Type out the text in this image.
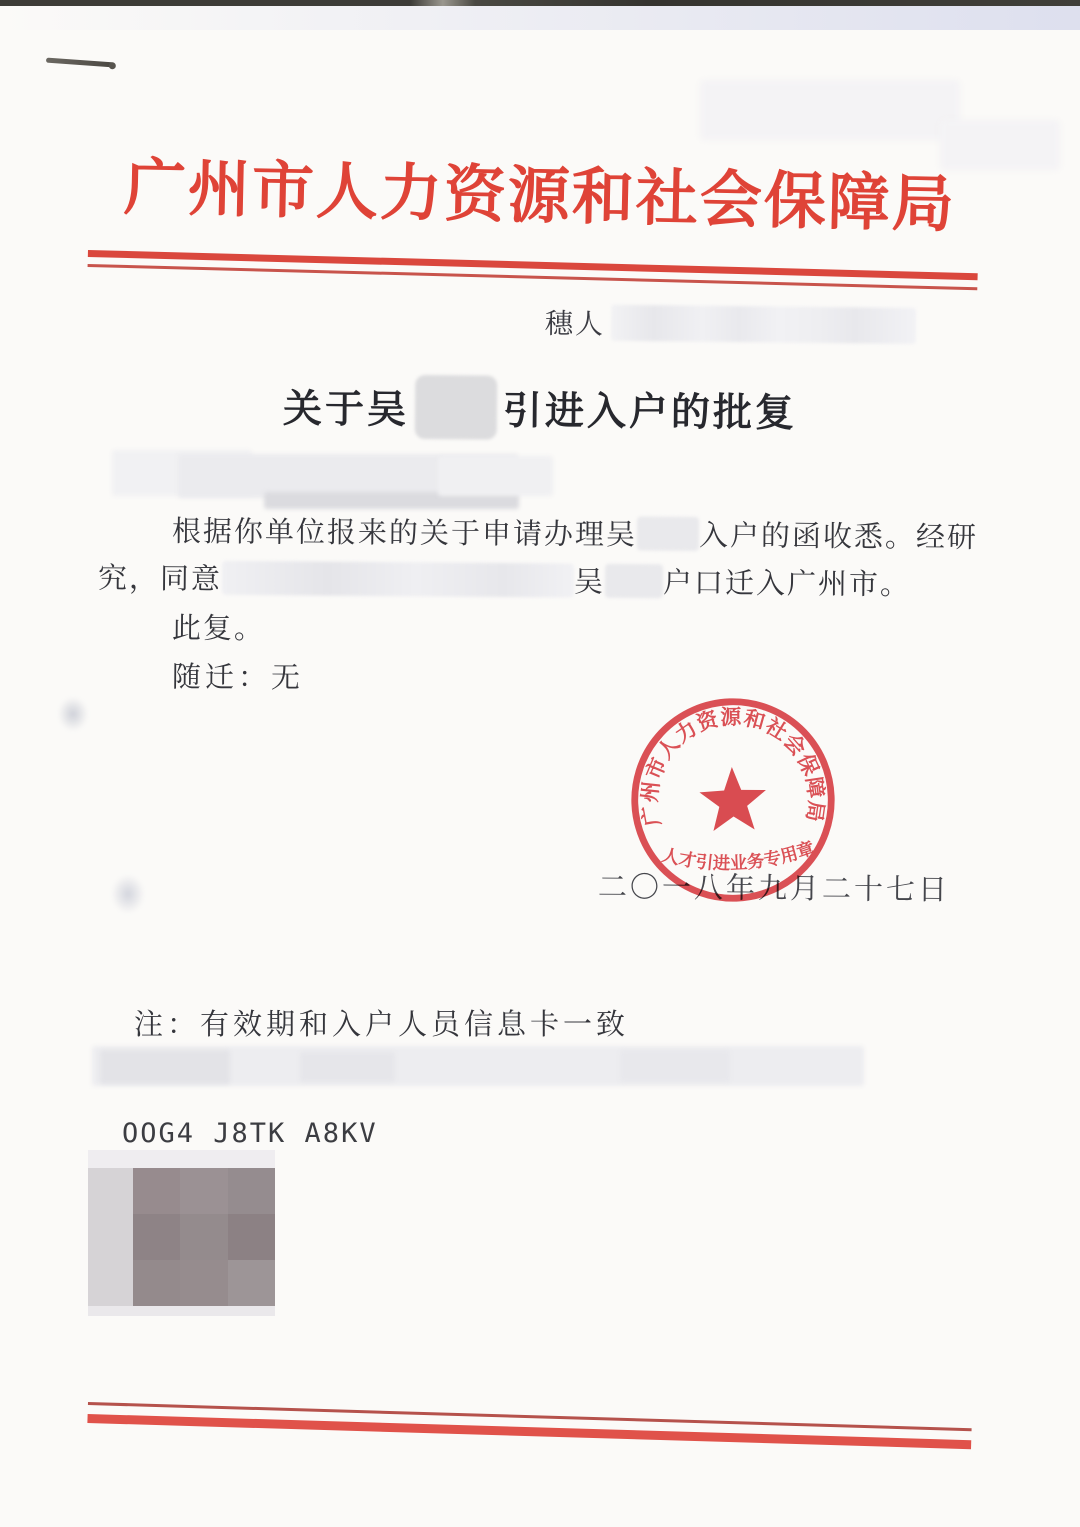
广州市人力资源和社会保障局
穗人
关于吴 引进入户的批复
根据你单位报来的关于申请办理吴 入户的函收悉。经研
究，同意	吴 户口迁入广州市。
此复。
随迁：无
二〇一八年九月二十七日
广州市人力资源和社会保障局
人才引进业务专用章
注：有效期和入户人员信息卡一致
OOG4 J8TK A8KV
